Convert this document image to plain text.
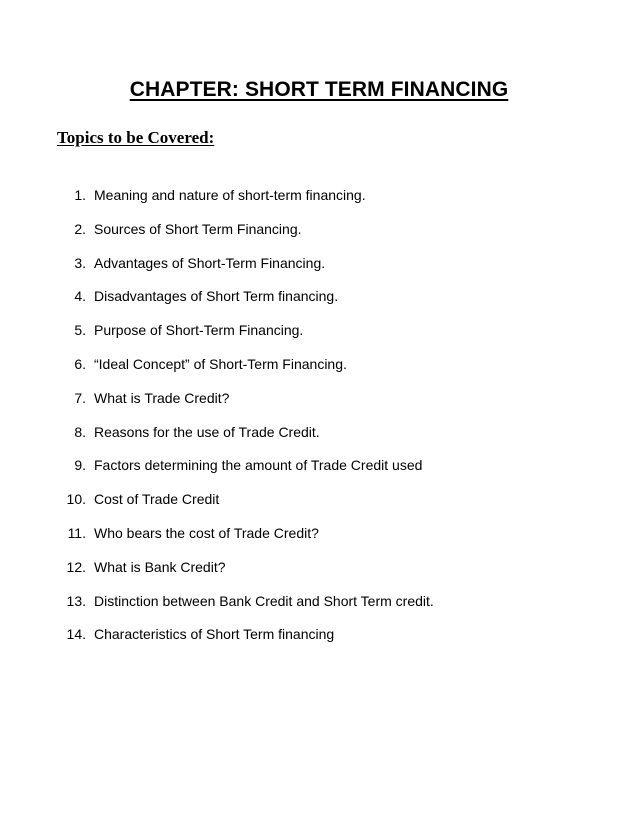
CHAPTER: SHORT TERM FINANCING
Topics to be Covered:
1. Meaning and nature of short-term financing.
2. Sources of Short Term Financing.
3. Advantages of Short-Term Financing.
4. Disadvantages of Short Term financing.
5. Purpose of Short-Term Financing.
6. “Ideal Concept” of Short-Term Financing.
7. What is Trade Credit?
8. Reasons for the use of Trade Credit.
9. Factors determining the amount of Trade Credit used
10. Cost of Trade Credit
11. Who bears the cost of Trade Credit?
12. What is Bank Credit?
13. Distinction between Bank Credit and Short Term credit.
14. Characteristics of Short Term financing
